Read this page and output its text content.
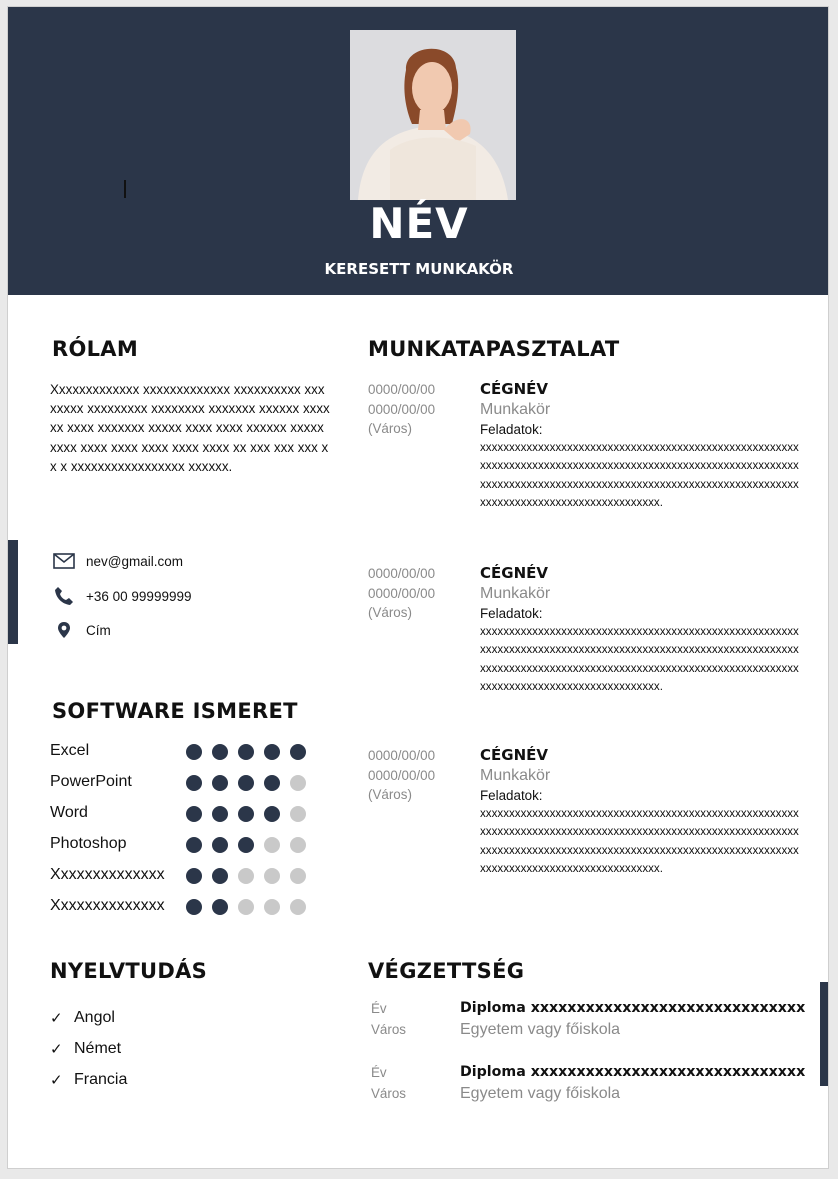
NÉV
KERESETT MUNKAKÖR
RÓLAM
Xxxxxxxxxxxxx xxxxxxxxxxxxx xxxxxxxxxx xxxxxxxx xxxxxxxxx xxxxxxxx xxxxxxx xxxxxx xxxxxx xxxx xxxxxxx xxxxx xxxx xxxx xxxxxx xxxxx xxxx xxxx xxxx xxxx xxxx xxxx xx xxx xxx xxx xx x xxxxxxxxxxxxxxxxx xxxxxx.
nev@gmail.com
+36 00 99999999
Cím
SOFTWARE ISMERET
Excel
PowerPoint
Word
Photoshop
Xxxxxxxxxxxxxx
Xxxxxxxxxxxxxx
NYELVTUDÁS
✓ Angol
✓ Német
✓ Francia
MUNKATAPASZTALAT
0000/00/00
0000/00/00
(Város)
CÉGNÉV
Munkakör
Feladatok:
xxxxxxxxxxxxxxxxxxxxxxxxxxxxxxxxxxxxxxxxxxxxxxxxxxxxxxxxxxxxxxxxxxxxxxxxxxxxxxxxxxxxxxxxxxxxxxxxxxxxxxxxxxxxxxxxxxxxxxxxxxxxxxxxxxxxxxxxxxxxxxxxxxxxxxxxxxxxxxxxxxxxxxxxxxxxxxxxxxxxxxxxxxxxxxxxxxxx.
0000/00/00
0000/00/00
(Város)
CÉGNÉV
Munkakör
Feladatok:
xxxxxxxxxxxxxxxxxxxxxxxxxxxxxxxxxxxxxxxxxxxxxxxxxxxxxxxxxxxxxxxxxxxxxxxxxxxxxxxxxxxxxxxxxxxxxxxxxxxxxxxxxxxxxxxxxxxxxxxxxxxxxxxxxxxxxxxxxxxxxxxxxxxxxxxxxxxxxxxxxxxxxxxxxxxxxxxxxxxxxxxxxxxxxxxxxxxx.
0000/00/00
0000/00/00
(Város)
CÉGNÉV
Munkakör
Feladatok:
xxxxxxxxxxxxxxxxxxxxxxxxxxxxxxxxxxxxxxxxxxxxxxxxxxxxxxxxxxxxxxxxxxxxxxxxxxxxxxxxxxxxxxxxxxxxxxxxxxxxxxxxxxxxxxxxxxxxxxxxxxxxxxxxxxxxxxxxxxxxxxxxxxxxxxxxxxxxxxxxxxxxxxxxxxxxxxxxxxxxxxxxxxxxxxxxxxxx.
VÉGZETTSÉG
Év
Város
Diploma xxxxxxxxxxxxxxxxxxxxxxxxxxxxxx
Egyetem vagy főiskola
Év
Város
Diploma xxxxxxxxxxxxxxxxxxxxxxxxxxxxxx
Egyetem vagy főiskola
